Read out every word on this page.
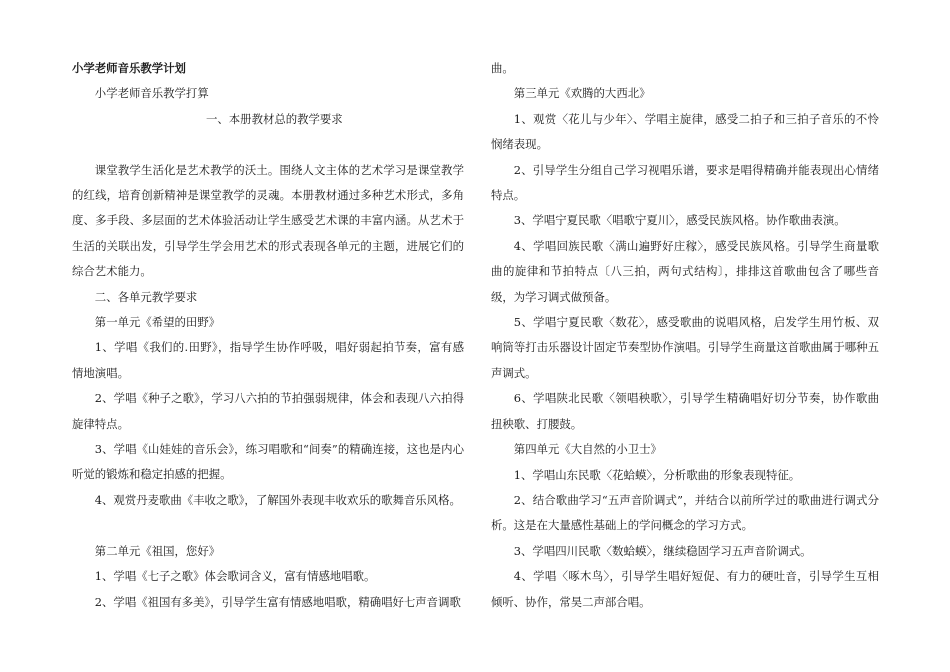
小学老师音乐教学计划

小学老师音乐教学打算

一、本册教材总的教学要求

课堂教学生活化是艺术教学的沃土。围绕人文主体的艺术学习是课堂教学的红线，培育创新精神是课堂教学的灵魂。本册教材通过多种艺术形式，多角度、多手段、多层面的艺术体验活动让学生感受艺术课的丰富内涵。从艺术于生活的关联出发，引导学生学会用艺术的形式表现各单元的主题，进展它们的综合艺术能力。

二、各单元教学要求

第一单元《希望的田野》

1、学唱《我们的.田野》，指导学生协作呼吸，唱好弱起拍节奏，富有感情地演唱。

2、学唱《种子之歌》，学习八六拍的节拍强弱规律，体会和表现八六拍得旋律特点。

3、学唱《山娃娃的音乐会》，练习唱歌和“间奏”的精确连接，这也是内心听觉的锻炼和稳定拍感的把握。

4、观赏丹麦歌曲《丰收之歌》，了解国外表现丰收欢乐的歌舞音乐风格。

第二单元《祖国，您好》

1、学唱《七子之歌》体会歌词含义，富有情感地唱歌。

2、学唱《祖国有多美》，引导学生富有情感地唱歌，精确唱好七声音调歌

曲。

第三单元《欢腾的大西北》

1、观赏〈花儿与少年〉、学唱主旋律，感受二拍子和三拍子音乐的不怜悯绪表现。

2、引导学生分组自己学习视唱乐谱，要求是唱得精确并能表现出心情绪特点。

3、学唱宁夏民歌〈唱歌宁夏川〉，感受民族风格。协作歌曲表演。

4、学唱回族民歌〈满山遍野好庄稼〉，感受民族风格。引导学生商量歌曲的旋律和节拍特点〔八三拍，两句式结构〕，排排这首歌曲包含了哪些音级，为学习调式做预备。

5、学唱宁夏民歌〈数花〉，感受歌曲的说唱风格，启发学生用竹板、双响筒等打击乐器设计固定节奏型协作演唱。引导学生商量这首歌曲属于哪种五声调式。

6、学唱陕北民歌〈领唱秧歌〉，引导学生精确唱好切分节奏，协作歌曲扭秧歌、打腰鼓。

第四单元《大自然的小卫士》

1、学唱山东民歌〈花蛤蟆〉，分析歌曲的形象表现特征。

2、结合歌曲学习“五声音阶调式”，并结合以前所学过的歌曲进行调式分析。这是在大量感性基础上的学问概念的学习方式。

3、学唱四川民歌〈数蛤蟆〉，继续稳固学习五声音阶调式。

4、学唱〈啄木鸟〉，引导学生唱好短促、有力的硬吐音，引导学生互相倾听、协作，常昊二声部合唱。
